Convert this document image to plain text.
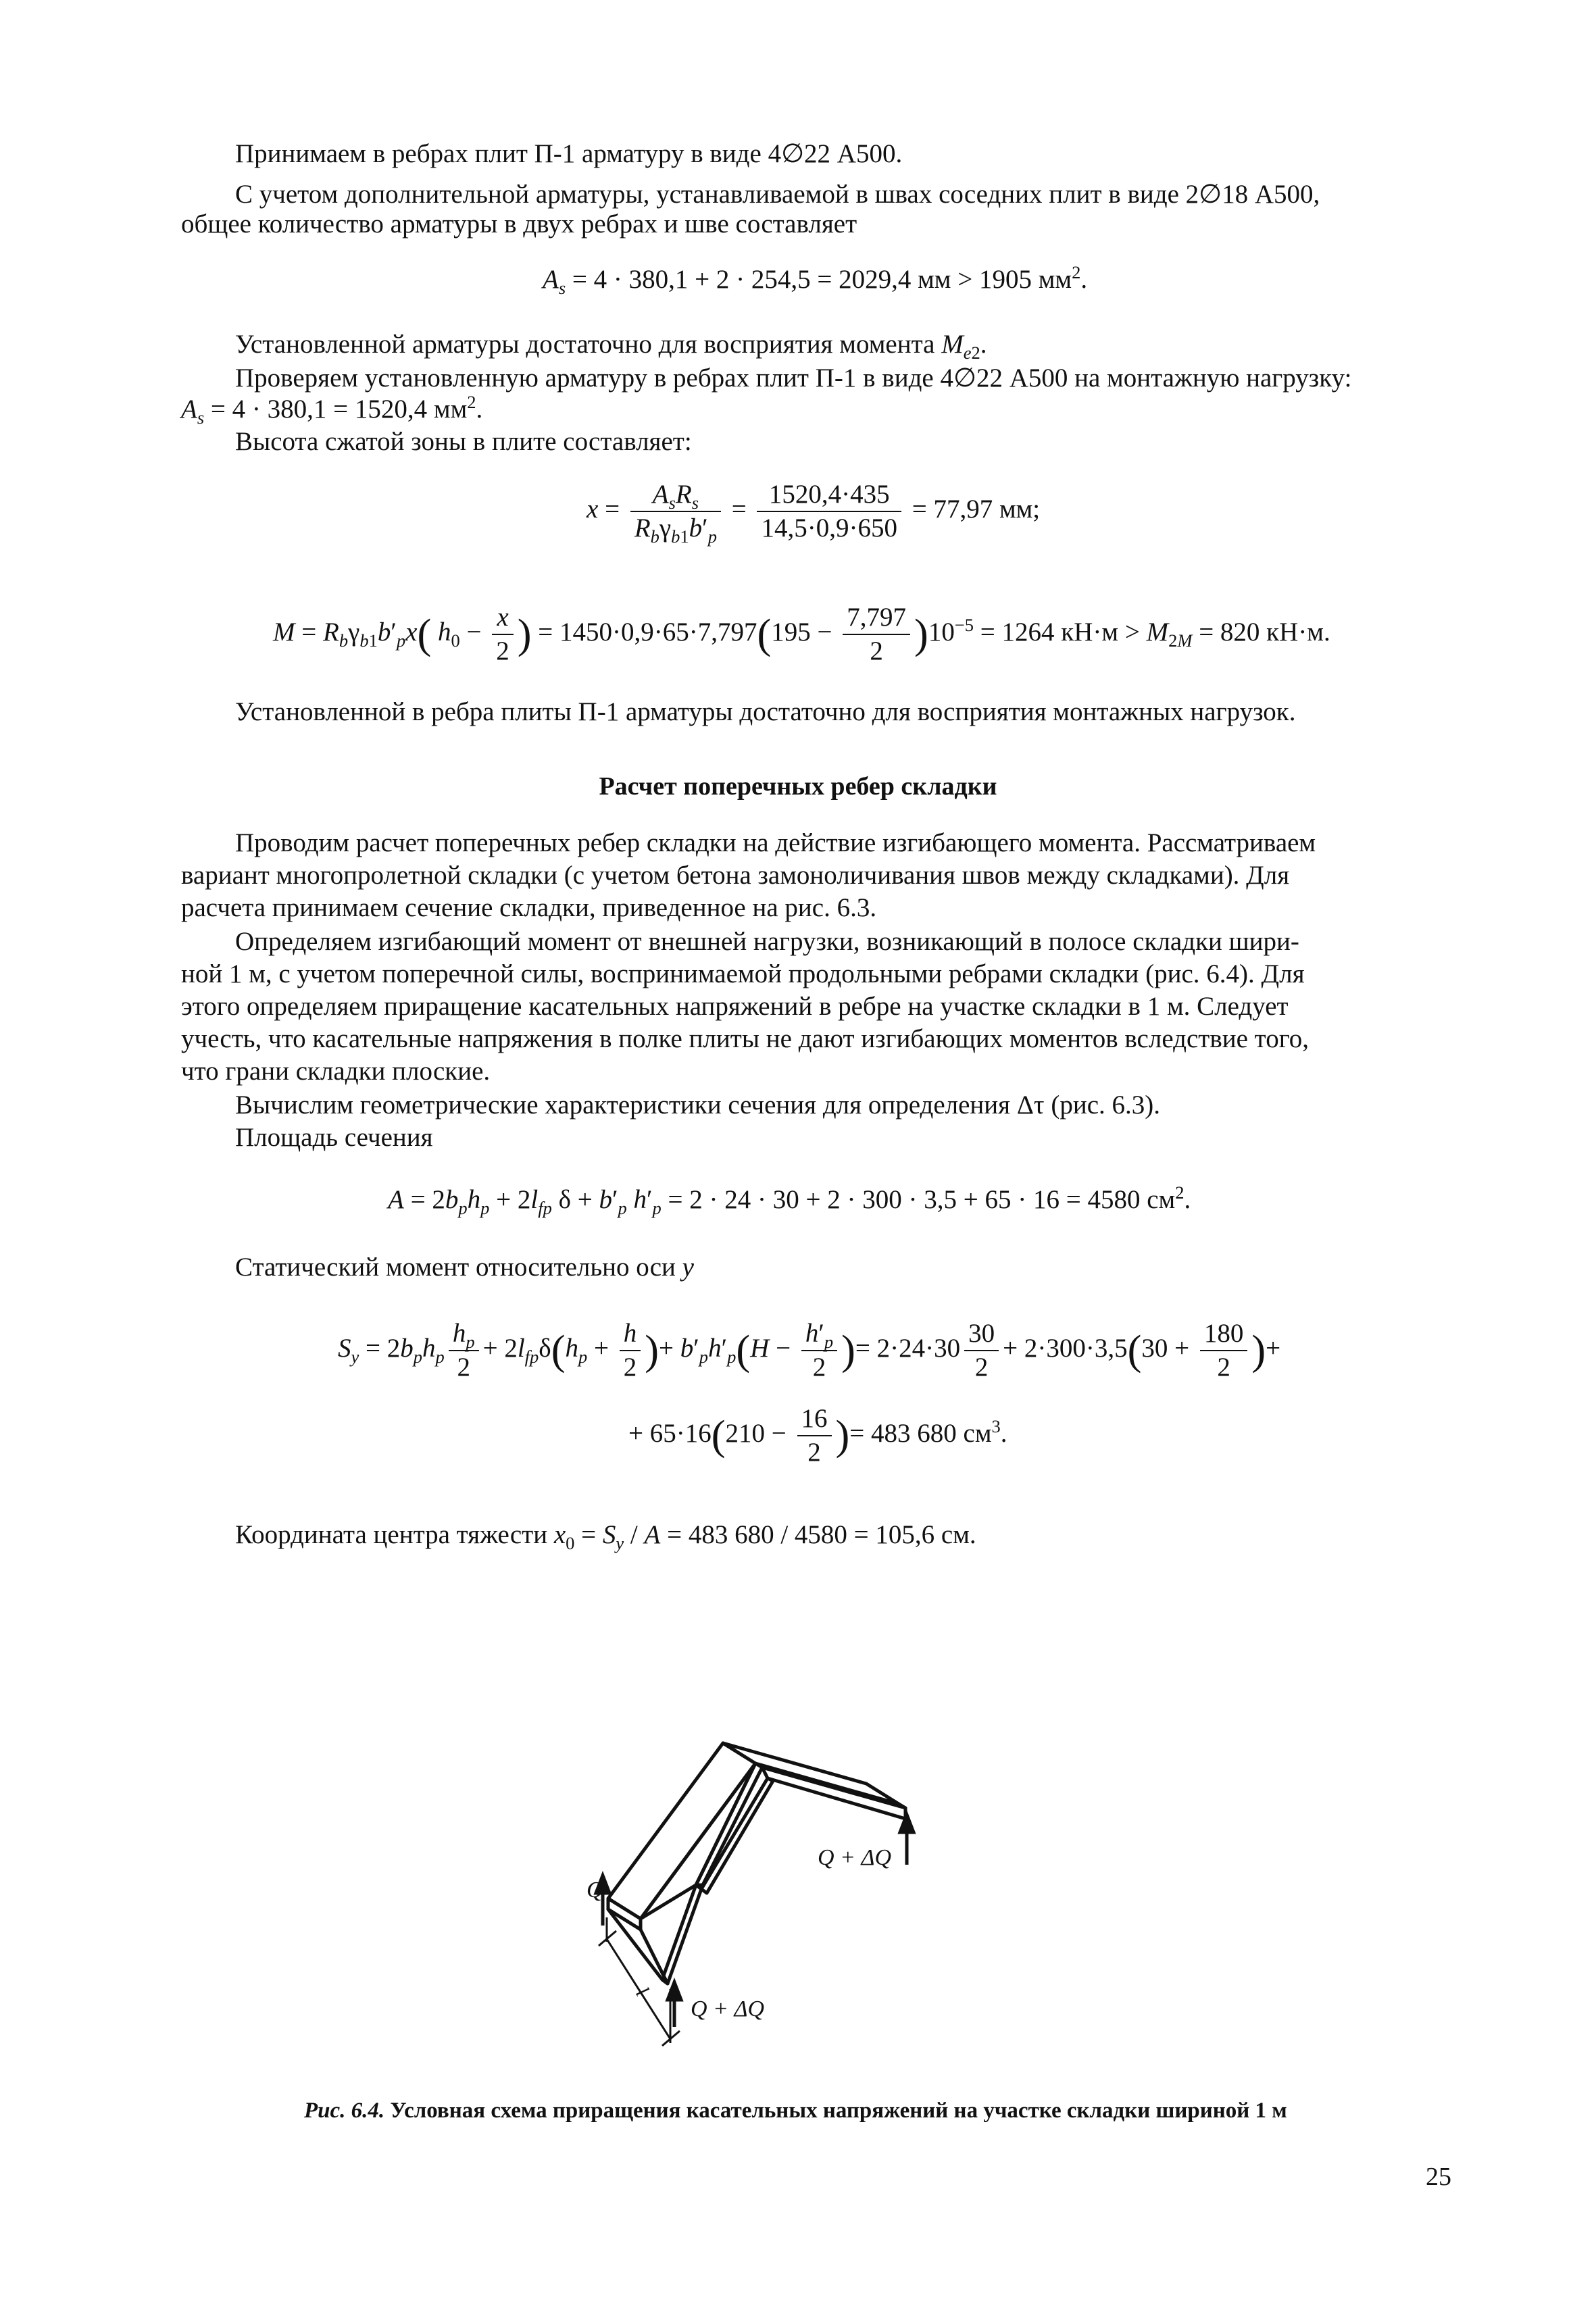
Принимаем в ребрах плит П-1 арматуру в виде 4∅22 А500.
С учетом дополнительной арматуры, устанавливаемой в швах соседних плит в виде 2∅18 А500,
общее количество арматуры в двух ребрах и шве составляет
$A_s = 4 \cdot 380,1 + 2 \cdot 254,5 = 2029,4$ мм > 1905 $мм^2$.
Установленной арматуры достаточно для восприятия момента $M_{e2}$.
Проверяем установленную арматуру в ребрах плит П-1 в виде 4∅22 А500 на монтажную нагрузку:
$A_s = 4 \cdot 380,1 = 1520,4$ $мм^2$.
Высота сжатой зоны в плите составляет:
$x = \frac{A_sR_s}{R_b\gamma_{b1}b'_p} = \frac{1520,4\cdot 435}{14,5\cdot 0,9\cdot 650} = 77,97$ мм;
$M = R_b\gamma_{b1}b'_px$( $h_0 - \frac{x}{2}$ ) = $1450\cdot 0,9\cdot 65\cdot 7,797(195 - \frac{7,797}{2} )10^{-5} = 1264$ $кН\cdot м > M_{2M} = 820$ кН·м.
Установленной в ребра плиты П-1 арматуры достаточно для восприятия монтажных нагрузок.
Расчет поперечных ребер складки
Проводим расчет поперечных ребер складки на действие изгибающего момента. Рассматриваем
вариант многопролетной складки (с учетом бетона замоноличивания швов между складками). Для
расчета принимаем сечение складки, приведенное на рис. 6.3.
Определяем изгибающий момент от внешней нагрузки, возникающий в полосе складки шири-
ной 1 м, с учетом поперечной силы, воспринимаемой продольными ребрами складки (рис. 6.4). Для
этого определяем приращение касательных напряжений в ребре на участке складки в 1 м. Следует
учесть, что касательные напряжения в полке плиты не дают изгибающих моментов вследствие того,
что грани складки плоские.
Вычислим геометрические характеристики сечения для определения Δτ (рис. 6.3).
Площадь сечения
$A = 2b_ph_p + 2l_{fp}$ $\delta + b'_p$ $h'_p = 2 \cdot 24 \cdot 30 + 2 \cdot 300 \cdot 3,5 + 65 \cdot 16 = 4580$ $см^2$.
Статический момент относительно оси y
$S_y = 2b_ph_p \frac{h_p}{2} + 2l_{fp}\delta(h_p + \frac{h}{2}$ )+ $b'_ph'_p(H - \frac{h'_p}{2}$ )= $2\cdot 24\cdot 30 \frac{30}{2} + 2\cdot 300\cdot 3,5(30 + \frac{180}{2}$ )+
+ $65\cdot 16(210 - \frac{16}{2}$ )= 483 680 $см^3$.
Координата центра тяжести $x_0 = S_y / A = 483$ 680 / 4580 = 105,6 см.
Q
Q + ΔQ
Q + ΔQ
l
Рис. 6.4. Условная схема приращения касательных напряжений на участке складки шириной 1 м
25
